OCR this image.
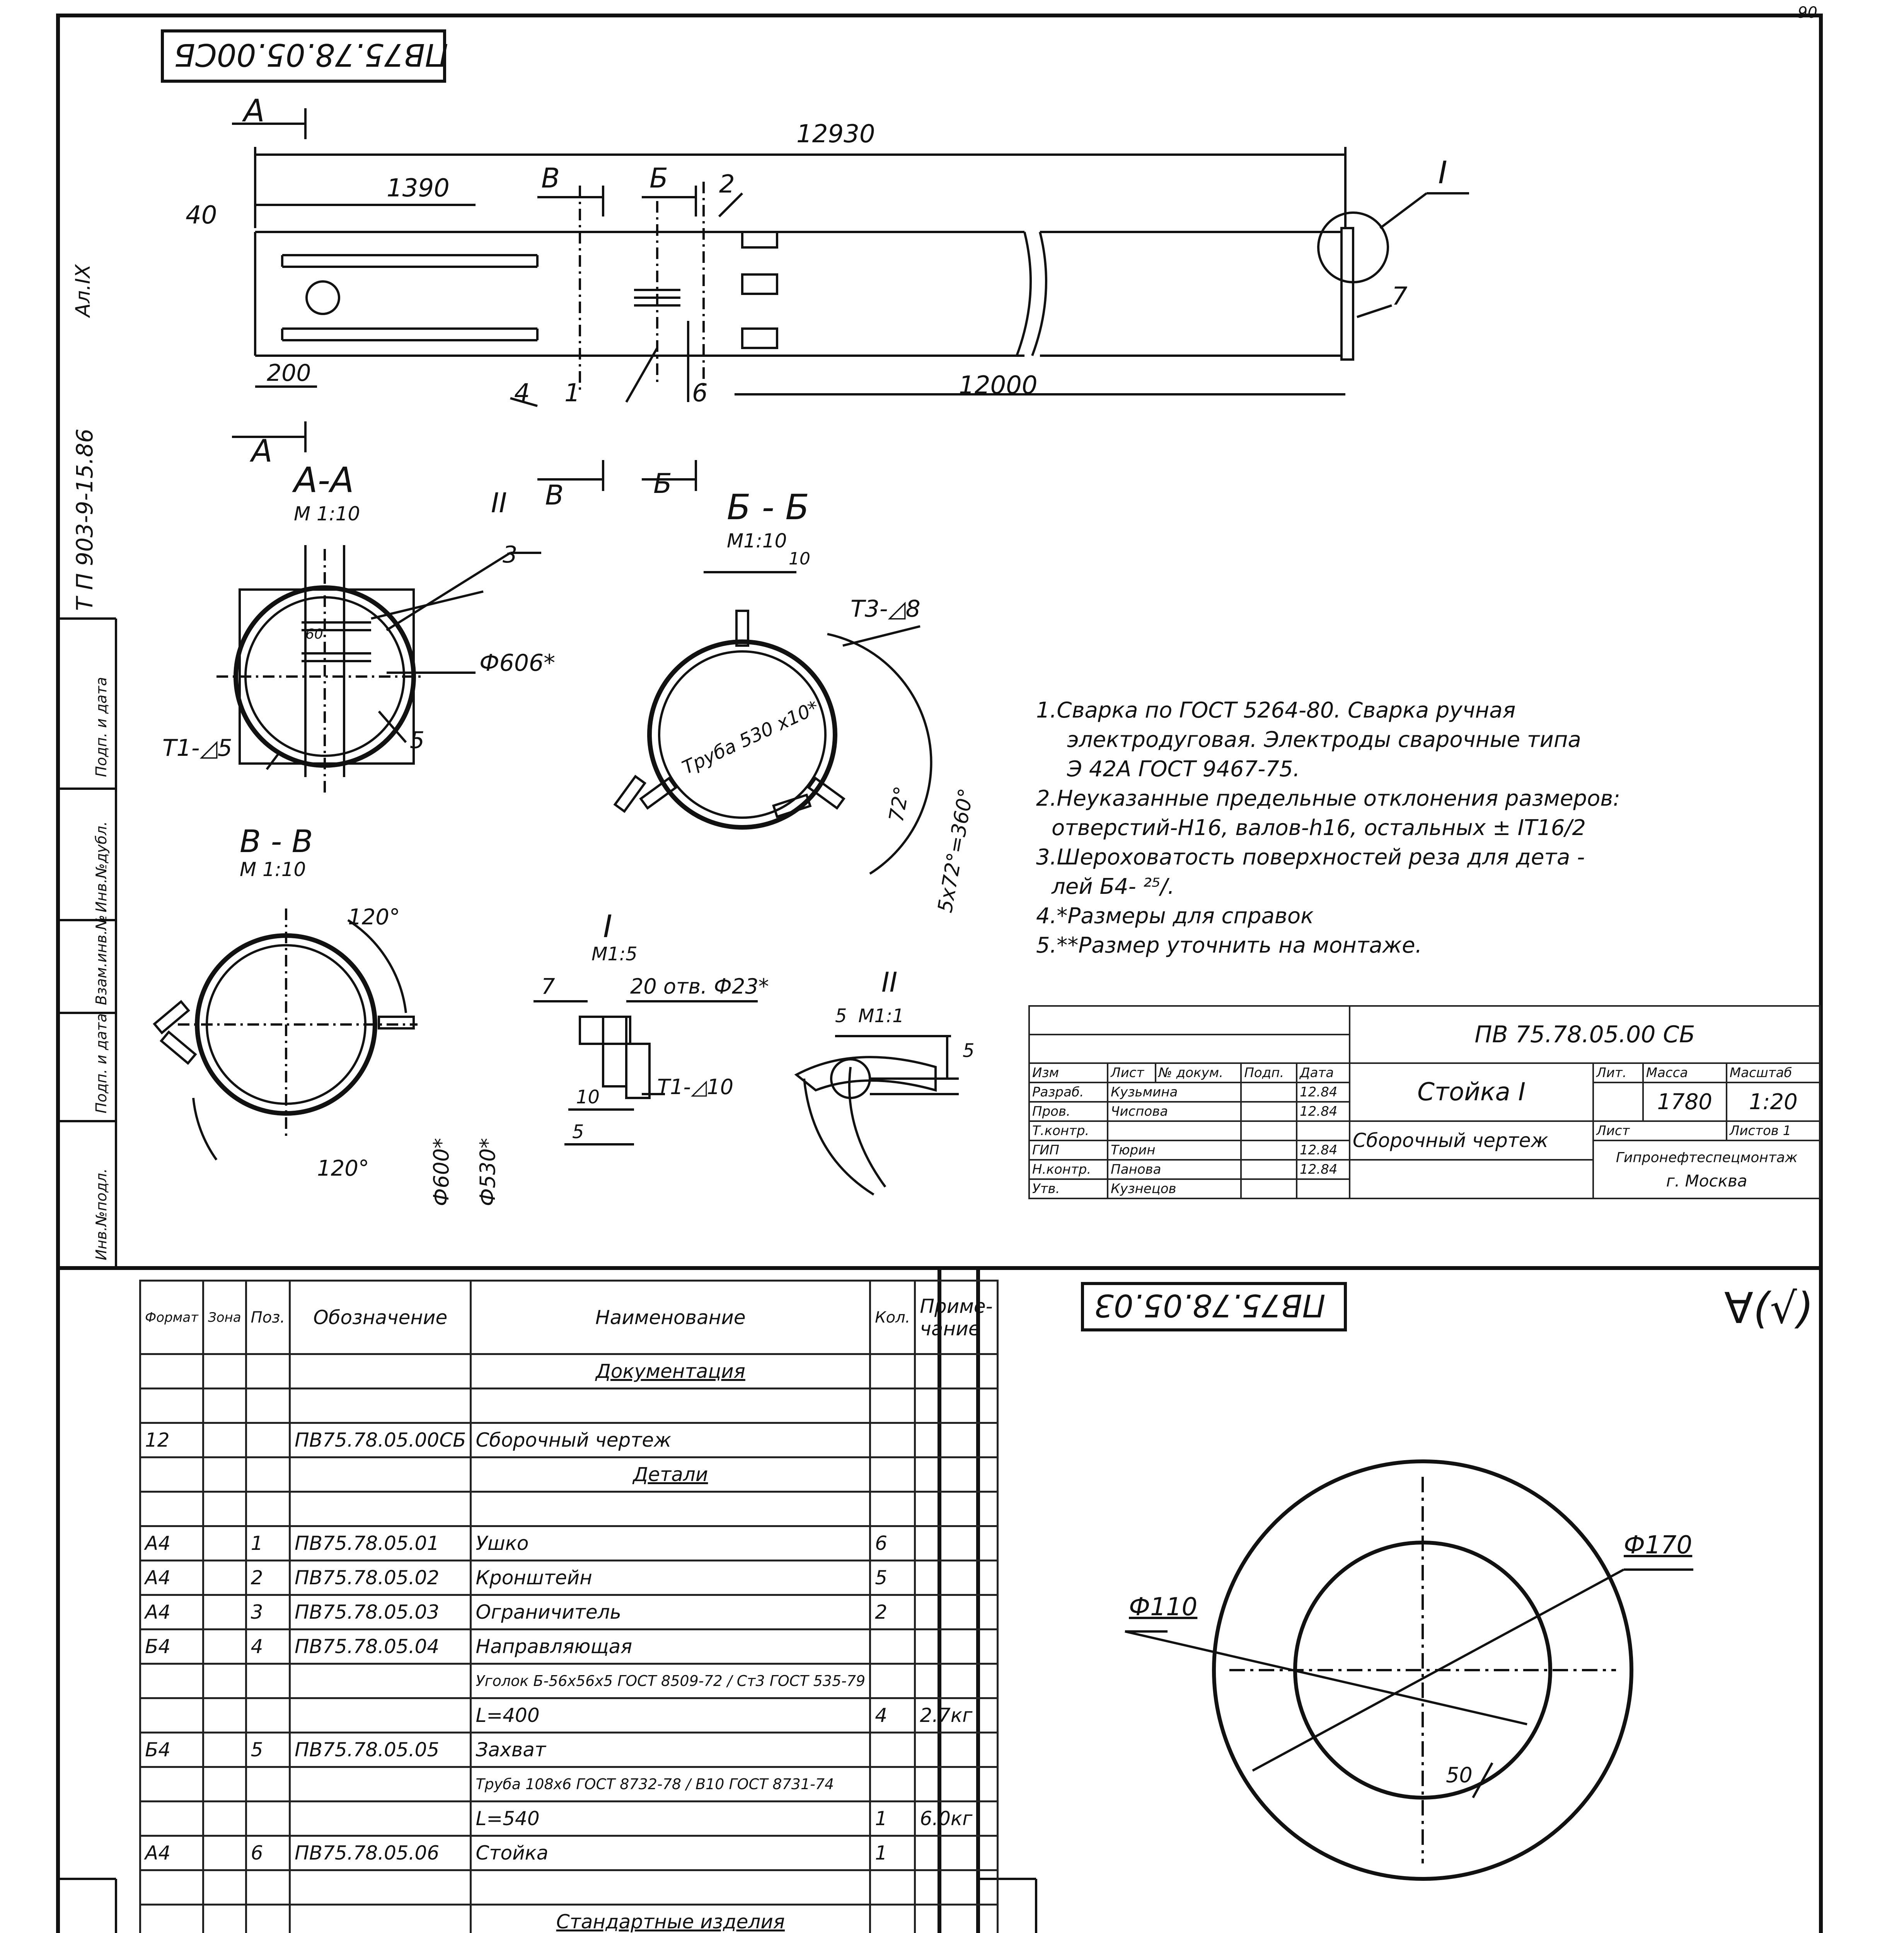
90
Т П 903-9-15.86
Ал.IX
Инв.№подл.
Подп. и дата
Взам.инв.№
Инв.№дубл.
Подп. и дата
ПВ75.78.05.00СБ
12930
1390
40
200	12000
А
А
В
В
Б
Б
I
4 1	6
2
7
А-А
М 1:10	II
3
Ф606*
5
60
Т1-◿5
Б - Б
М1:10
10
Т3-◿8
Труба 530 х10*
72° 5х72°=360°
В - В
М 1:10
120°
120°	Ф600* Ф530*
I
М1:5
7	20 отв. Ф23*
Т1-◿10
10
5
II
М1:1
5
5
1.Сварка по ГОСТ 5264-80. Сварка ручная
электродуговая. Электроды сварочные типа
Э 42А ГОСТ 9467-75.
2.Неуказанные предельные отклонения размеров:
отверстий-Н16, валов-h16, остальных ± IT16/2
3.Шероховатость поверхностей реза для дета -
лей Б4- ²⁵∕.
4.*Размеры для справок
5.**Размер уточнить на монтаже.
					ПВ 75.78.05.00 СБ			

Изм	Лист	№ докум.	Подп.	Дата	Стойка I	Лит.	Масса	Масштаб
Разраб.	Кузьмина			12.84			1780	1:20
Пров.	Чиспова			12.84				
Т.контр.					Сборочный чертеж	Лист		Листов 1
ГИП	Тюрин			12.84		Гипронефтеспецмонтаж
г. Москва		

Н.контр.	Панова			12.84				
Утв.	Кузнецов							
Формат	Зона	Поз.	Обозначение	Наименование	Кол.	Приме- чание
				Документация		

12			ПВ75.78.05.00СБ	Сборочный чертеж		
				Детали		

А4		1	ПВ75.78.05.01	Ушко	6	
А4		2	ПВ75.78.05.02	Кронштейн	5	
А4		3	ПВ75.78.05.03	Ограничитель	2	
Б4		4	ПВ75.78.05.04	Направляющая		
				Уголок Б-56х56х5 ГОСТ 8509-72 / Ст3 ГОСТ 535-79		
				L=400	4	2.7кг
Б4		5	ПВ75.78.05.05	Захват		
				Труба 108х6 ГОСТ 8732-78 / В10 ГОСТ 8731-74		
				L=540	1	6.0кг
А4		6	ПВ75.78.05.06	Стойка	1	

				Стандартные изделия		

ПВ75.78.05.03	∀(√)
Ф170
Ф110
50
